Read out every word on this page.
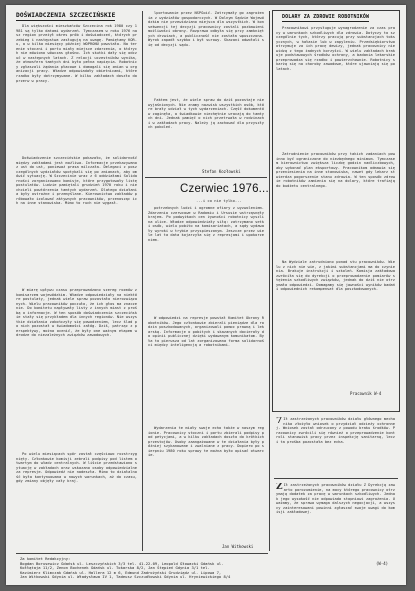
DOŚWIADCZENIA SZCZECIŃSKIE

Dla większości mieszkańców Szczecina rok 1980 czy 1981 są tylko datami wydarzeń. Tymczasem w roku 1976 nasz region przeżył okres prób i doświadczeń, których przebieg i następstwa zasługują na uwagę. Pamiętamy KOR-u, a w kilka miesięcy później WOPRONU powstała. Na terenie stoczni i portu miały miejsce zdarzenia, o których nie mówiono wówczas głośno. Ich skutki dały się odczuć w następnych latach. Z relacji uczestników wynika, że atmosfera tamtych dni była pełna napięcia. Robotnicy zgłaszali żądania płacowe i domagali się zmian w organizacji pracy. Władze odpowiadały obietnicami, które rzadko były dotrzymywane. W kilku zakładach doszło do przerw w pracy.

Doświadczenie szczecińskie pokazało, że solidarność między zakładami jest możliwa. Informacje przekazywano z ust do ust, ponieważ prasa milczała. Delegaci z poszczególnych wydziałów spotykali się po zmianach, aby omówić sytuację. W Szczecinie wraz z 6 oddziałami Solidarności zorganizowano komisje, które przygotowały listę postulatów. Ludzie pamiętali grudzień 1970 roku i nie chcieli powtórzenia tamtych wydarzeń. Dlatego działania były ostrożne i przemyślane. Kierownictwo zakładów próbowało izolować aktywnych pracowników, przenosząc ich na inne stanowiska. Mimo to ruch nie wygasł.

W miarę upływu czasu przeprowadzono szereg rozmów z komisarzem wojewódzkim. Władze odpowiedziały na niektóre postulaty, jednak wiele spraw pozostało nierozwiązanych. Wielu pracowników poczuło, że ich głos ma znaczenie. Do komitetu napływały listy z innych miast z prośbą o informacje. W ten sposób doświadczenia szczecińskie stały się przykładem dla innych regionów. Nie wszystkie działania zakończyły się powodzeniem, lecz ślad po nich pozostał w świadomości załóg. Dziś, patrząc z perspektywy, można ocenić, że były one ważnym etapem w drodze do niezależnych związków zawodowych.

Po wielu miesiącach spór został częściowo rozstrzygnięty. Członkowie komisji zebrali podpisy pod listem otwartym do władz centralnych. W liście przedstawiono sytuację w zakładach oraz wskazano osoby odpowiedzialne za represje. Odpowiedź nie nadeszła. Mimo to działalność była kontynuowana w nowych warunkach, aż do czasu, gdy zmiany objęły cały kraj.

lportowanie przez NSPGoić. Zatrzymały go zagrożenia z wydziałów gospodarczych. W Dolnym Sądzie Wojewódzkim nie przewidziano miejsca dla wszystkich. W konsekwencji tej decyzji pracownicy zostali pozbawieni możliwości obrony. Rozprawa odbyła się przy zamkniętych drzwiach, a publiczność nie została wpuszczona. Wyrok zapadł szybko i był surowy. Skazani odwołali się od decyzji sądu.

Faktem jest, że wiele spraw do dziś pozostaje niewyjaśnionych. Nie znamy nazwisk wszystkich osób, które brały udział w tych wydarzeniach. Część dokumentów zaginęła, a świadkowie niechętnie wracają do tamtych dni. Jednak pamięć o nich przetrwała w rodzinach i w zakładach pracy. Należy ją zachować dla przyszłych pokoleń.

Stefan Kozłowski
Czerwiec 1976...
...i co nie tylko...

potrzebnych ludzi i ogromne ofiary z wyzwoleniem. Zdarzenia czerwcowe w Radomiu i Ursusie wstrząsnęły krajem. Po podwyżkach cen żywności robotnicy wyszli na ulice. Władze odpowiedziały siłą: zatrzymano setki osób, wielu pobito na komisariatach, a sądy wydawały wyroki w trybie przyspieszonym. Jeszcze przez wiele lat ta data kojarzyła się z represjami i upokorzeniem.

W odpowiedzi na represje powstał Komitet Obrony Robotników. Jego członkowie zbierali pieniądze dla rodzin poszkodowanych, organizowali pomoc prawną i lekarską. Informacje o pobitych i skazanych docierały do opinii publicznej dzięki wydawanym komunikatom. Była to pierwsza od lat zorganizowana forma solidarności między inteligencją a robotnikami.

Wydarzenia te miały swoje echo także w naszym regionie. Pracownicy stoczni i portu zbierali podpisy pod petycjami, a w kilku zakładach doszło do krótkich przestojów. Osoby zaangażowane w te działania były później szykanowane i zwalniane z pracy. Dopiero po sierpniu 1980 roku sprawy te można było opisać otwarcie.

Jan Witkowski
DOLARY ZA ZDROWIE ROBOTNIKÓW

Pracownikowi przysługuje wynagrodzenie za czas pracy w warunkach szkodliwych dla zdrowia. Dotyczy to szczególnie tych, którzy pracują przy substancjach toksycznych, w hałasie lub w zapyleniu. Przedsiębiorstwo otrzymuje za ich pracę dewizy, jednak pracownicy nie widzą z tego żadnych korzyści. W wielu zakładach brakuje podstawowych środków ochrony, a badania lekarskie przeprowadza się rzadko i powierzchownie. Robotnicy skarżą się na choroby zawodowe, które ujawniają się po latach.

Zatrudnienie pracowników przy takich zadaniach powinno być ograniczone do niezbędnego minimum. Tymczasem kierownictwo zwiększa liczbę godzin nadliczbowych, aby wykonać plan eksportowy. Pracownikom odmawia się przeniesienia na inne stanowiska, nawet gdy lekarz stwierdza pogorszenie stanu zdrowia. W ten sposób zdrowie robotników zamienia się na dolary, które trafiają do budżetu centralnego.

Na Wydziale zatrudniono ponad stu pracowników. Wielu z nich nie wie, z jakimi substancjami ma do czynienia. Brakuje instrukcji i szkoleń. Komisja zakładowa zwróciła się do dyrekcji o przeprowadzenie pomiarów stężenia szkodliwych związków, jednak do dziś nie otrzymała odpowiedzi. Domagamy się jawności wyników badań i odpowiednich rekompensat dla poszkodowanych.

Pracownik W-4

7 Ił zastrzeżonych pracowników działu głównego mechanika złożyło wniosek o przydział odzieży ochronnej. Wniosek został odrzucony z powodu braku środków. Pracownicy zwrócili się również o przeprowadzenie kontroli stanowisk pracy przez inspekcję sanitarną, lecz i ta prośba pozostała bez echa.

Z Ił zastrzeżonych pracowników działu Z Dyrekcją zawarto porozumienie, na mocy którego pracownicy otrzymają dodatek za pracę w warunkach szkodliwych. Jednak jego wysokość nie odpowiada stopniowi zagrożenia. Uważamy, że sprawa wymaga dalszych negocjacji, a wszyscy zainteresowani powinni zgłaszać swoje uwagi do komisji zakładowej.

(W-4)
Za komitet Redakcyjny:
Bogdan Borusewicz Gdańsk ul. Leszczyńskich 3/3 tel. 41-22-09, Leopold Głowacki Gdańsk ul.
Kołłątaja 11/2, Zenon Bochenek Gdańsk ul. Tokarska 8/2, Jan Stępień Gdynia 3/1 tel.
Kazimierz Klimczak Gdańsk ul. Hallera 12 m 6, Edmund Zadrożyński Grudziądz ul. Lipowa 7,
Jan Witkowski Gdynia ul. Władysława IV 1, Tadeusz Szczudłowski Gdynia ul. Hryniewickiego 8/4
